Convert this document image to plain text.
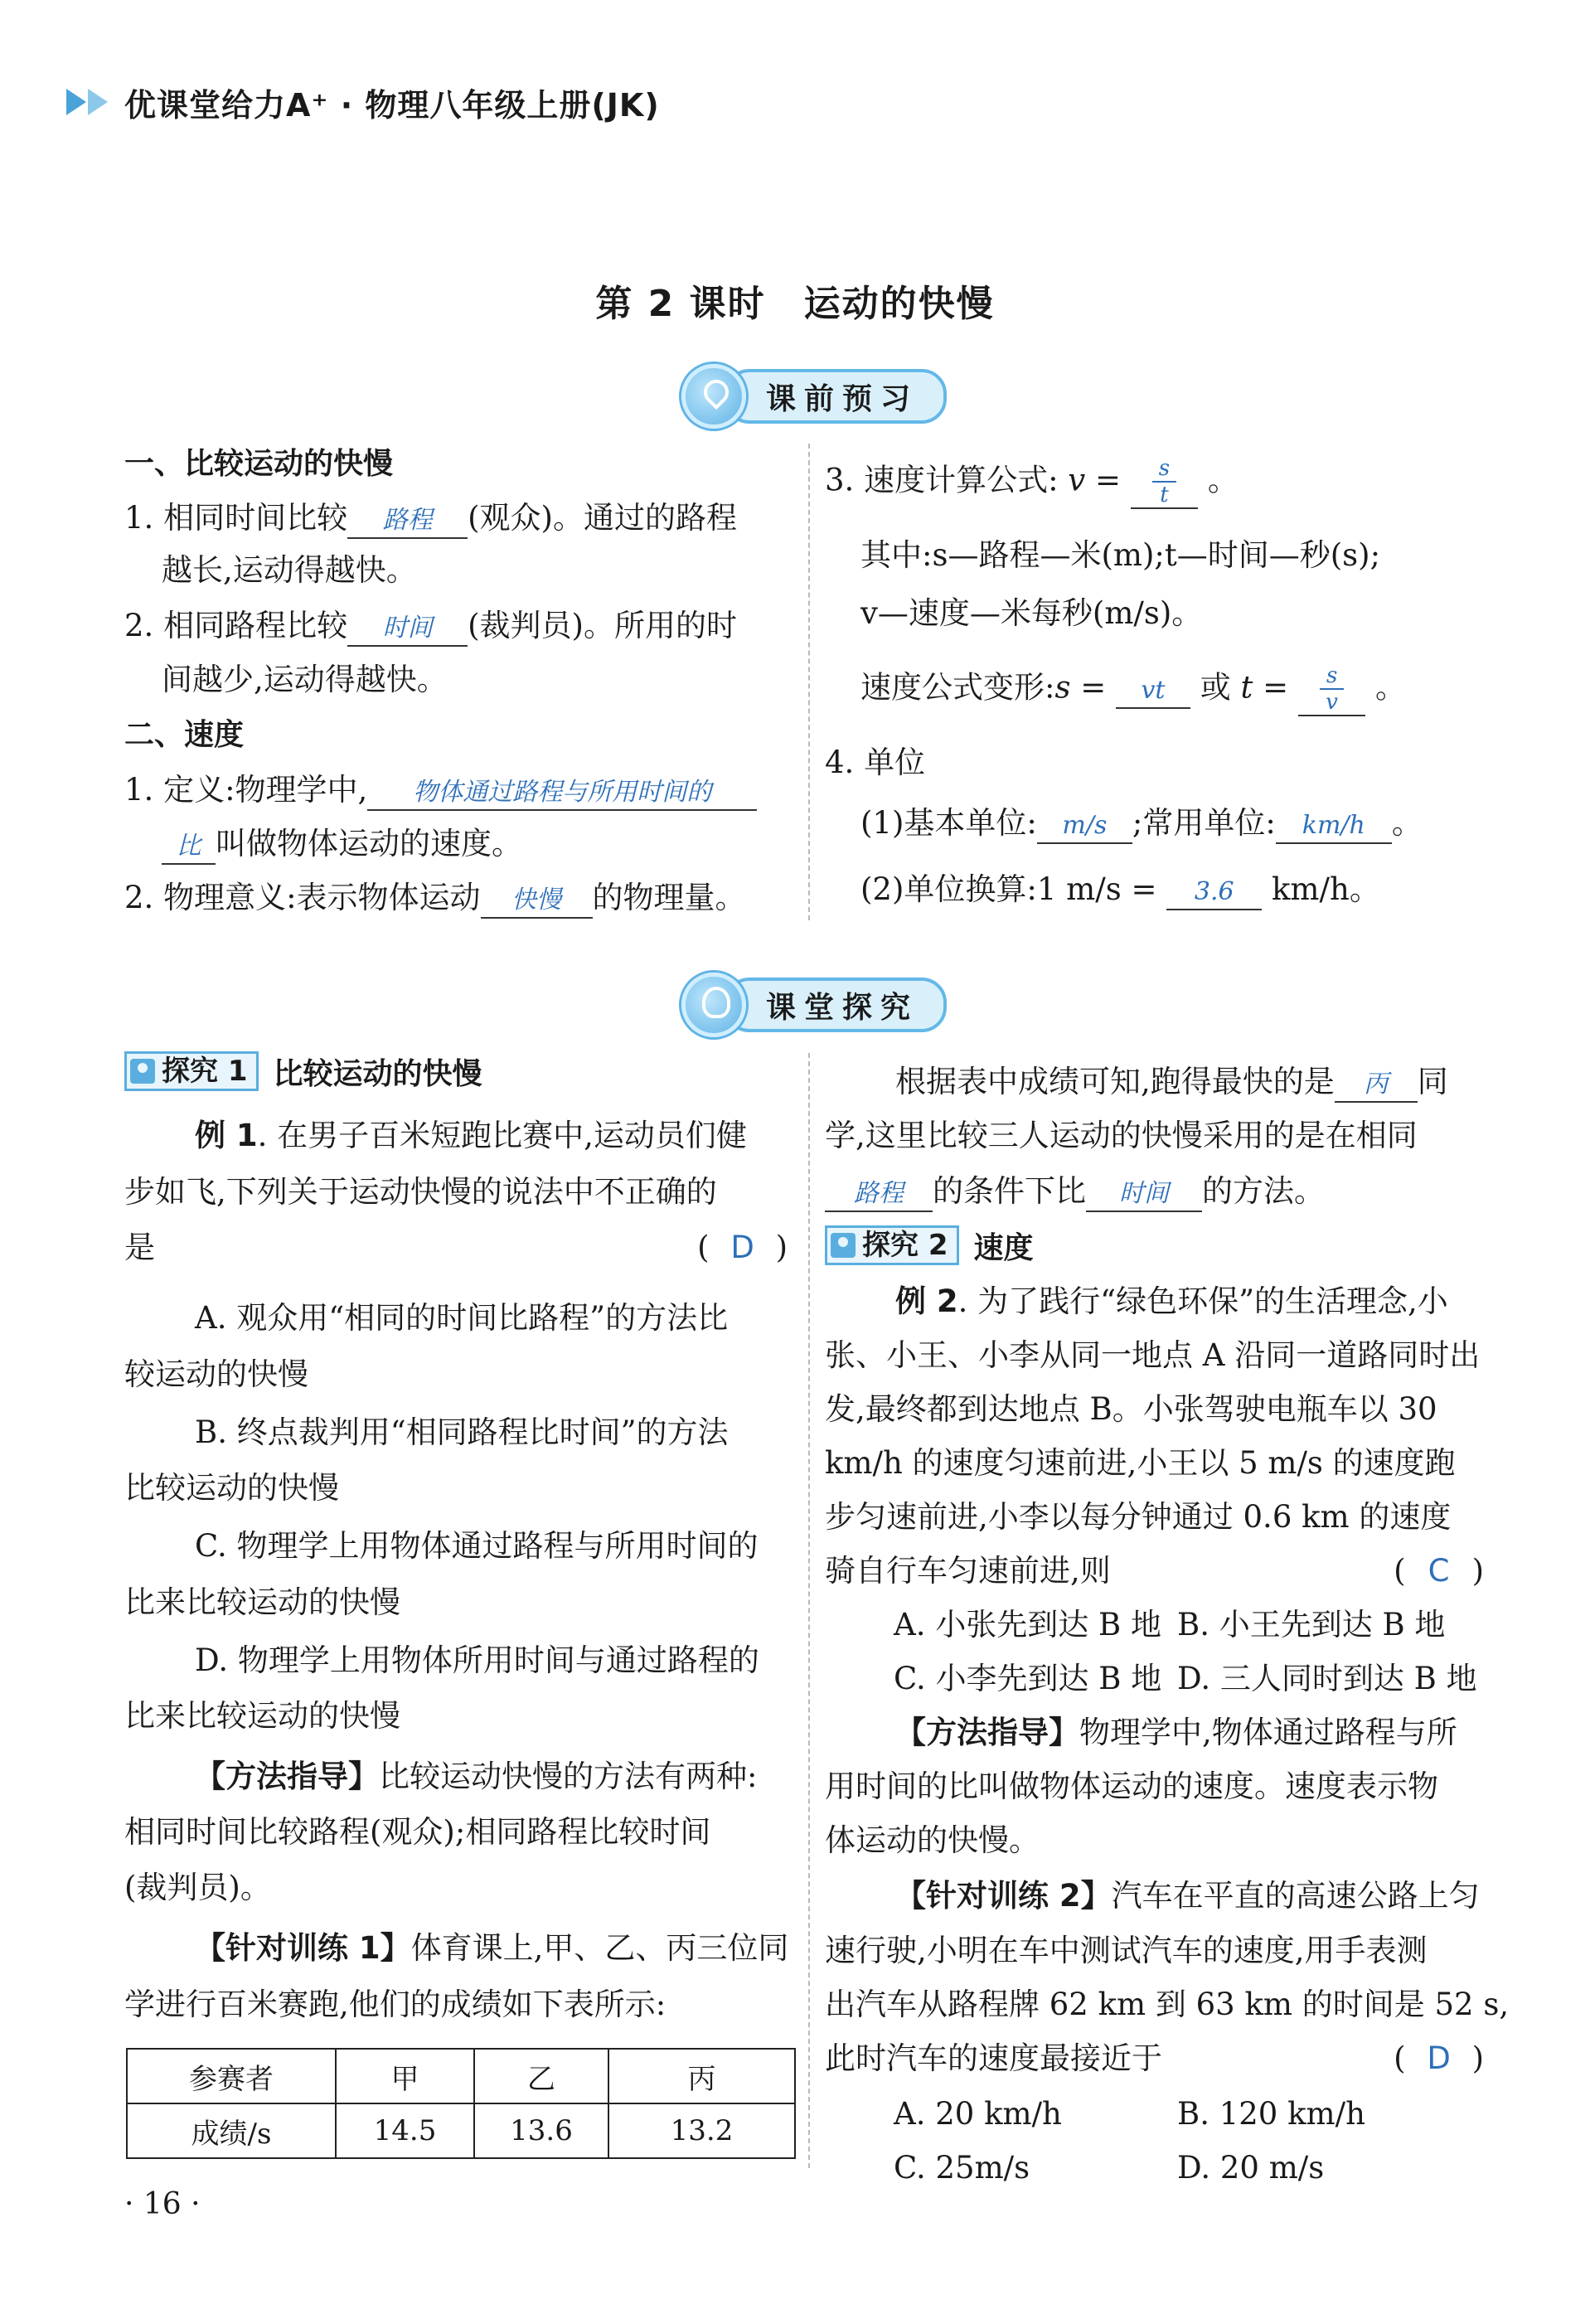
优课堂给力A⁺ · 物理八年级上册(JK)
第 2 课时　运动的快慢
课前预习
一、比较运动的快慢
1. 相同时间比较 路程 (观众)。通过的路程
越长,运动得越快。
2. 相同路程比较 时间 (裁判员)。所用的时
间越少,运动得越快。
二、速度
1. 定义:物理学中, 物体通过路程与所用时间的
比 叫做物体运动的速度。
2. 物理意义:表示物体运动 快慢 的物理量。
3. 速度计算公式: $v = \frac{s}{t}$ 。
其中:s—路程—米(m);t—时间—秒(s);
v—速度—米每秒(m/s)。
速度公式变形:s = vt 或 $t = \frac{s}{v}$ 。
4. 单位
(1)基本单位: m/s ;常用单位: km/h 。
(2)单位换算:1 m/s = 3.6 km/h。
课堂探究
探究 1 比较运动的快慢
例 1. 在男子百米短跑比赛中,运动员们健
步如飞,下列关于运动快慢的说法中不正确的
是	( D )
A. 观众用“相同的时间比路程”的方法比
较运动的快慢
B. 终点裁判用“相同路程比时间”的方法
比较运动的快慢
C. 物理学上用物体通过路程与所用时间的
比来比较运动的快慢
D. 物理学上用物体所用时间与通过路程的
比来比较运动的快慢
【方法指导】比较运动快慢的方法有两种:
相同时间比较路程(观众);相同路程比较时间
(裁判员)。
【针对训练 1】体育课上,甲、乙、丙三位同
学进行百米赛跑,他们的成绩如下表所示:
参赛者	甲	乙	丙
成绩/s	14.5	13.6	13.2
根据表中成绩可知,跑得最快的是 丙 同
学,这里比较三人运动的快慢采用的是在相同
路程 的条件下比 时间 的方法。
探究 2 速度
例 2. 为了践行“绿色环保”的生活理念,小
张、小王、小李从同一地点 A 沿同一道路同时出
发,最终都到达地点 B。小张驾驶电瓶车以 30
km/h 的速度匀速前进,小王以 5 m/s 的速度跑
步匀速前进,小李以每分钟通过 0.6 km 的速度
骑自行车匀速前进,则	( C )
A. 小张先到达 B 地 B. 小王先到达 B 地
C. 小李先到达 B 地 D. 三人同时到达 B 地
【方法指导】物理学中,物体通过路程与所
用时间的比叫做物体运动的速度。速度表示物
体运动的快慢。
【针对训练 2】汽车在平直的高速公路上匀
速行驶,小明在车中测试汽车的速度,用手表测
出汽车从路程牌 62 km 到 63 km 的时间是 52 s,
此时汽车的速度最接近于	( D )
A. 20 km/h	B. 120 km/h
C. 25m/s	D. 20 m/s
· 16 ·
